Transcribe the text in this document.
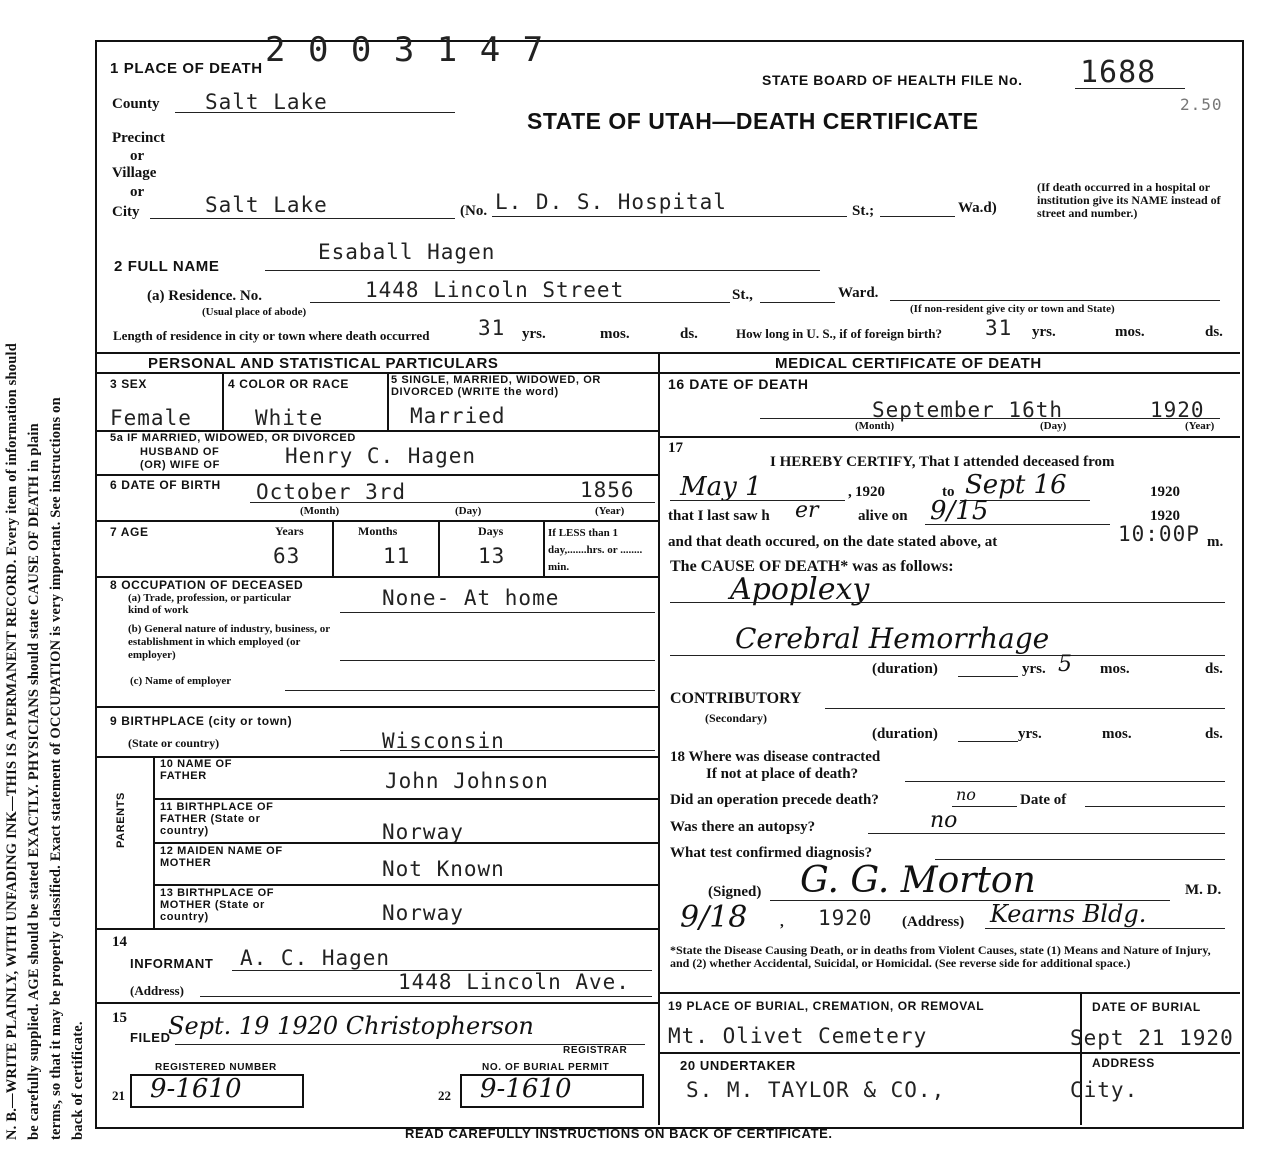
N. B.—WRITE PLAINLY, WITH UNFADING INK—THIS IS A PERMANENT RECORD. Every item of information should be carefully supplied. AGE should be stated EXACTLY. PHYSICIANS should state CAUSE OF DEATH in plain terms, so that it may be properly classified. Exact statement of OCCUPATION is very important. See instructions on back of certificate.
2 0 0 3 1 4 7
1 PLACE OF DEATH
STATE BOARD OF HEALTH FILE No. 1688
2.50
STATE OF UTAH—DEATH CERTIFICATE
County Salt Lake
Precinct
or
Village
or
City	Salt Lake	(No. L. D. S. Hospital	St.;	Wa.d)
(If death occurred in a hospital or institution give its NAME instead of street and number.)
2 FULL NAME
Esaball Hagen
(a) Residence. No.
(Usual place of abode)
1448 Lincoln Street	St.,	Ward.
(If non-resident give city or town and State)
Length of residence in city or town where death occurred 31 yrs.	mos.	ds.	How long in U. S., if of foreign birth? 31 yrs.	mos.	ds.
PERSONAL AND STATISTICAL PARTICULARS
3 SEX	4 COLOR OR RACE	5 SINGLE, MARRIED, WIDOWED, OR DIVORCED (WRITE the word)
Female	White	Married
5a IF MARRIED, WIDOWED, OR DIVORCED
HUSBAND OF
(OR) WIFE OF	Henry C. Hagen
6 DATE OF BIRTH October 3rd	1856
(Month)	(Day)	(Year)
7 AGE	Years	Months	Days	If LESS than 1 day,.......hrs. or ........ min.
63	11	13
8 OCCUPATION OF DECEASED
(a) Trade, profession, or particular kind of work	None- At home
(b) General nature of industry, business, or establishment in which employed (or employer)
(c) Name of employer
9 BIRTHPLACE (city or town)
(State or country)	Wisconsin
PARENTS
10 NAME OF FATHER	John Johnson
11 BIRTHPLACE OF FATHER (State or country)	Norway
12 MAIDEN NAME OF MOTHER	Not Known
13 BIRTHPLACE OF MOTHER (State or country)	Norway
14
INFORMANT A. C. Hagen
(Address)	1448 Lincoln Ave.
15
FILED
Sept. 19 1920 Christopherson
REGISTRAR
REGISTERED NUMBER
21 9-1610
NO. OF BURIAL PERMIT
22 9-1610
MEDICAL CERTIFICATE OF DEATH
16 DATE OF DEATH
September 16th	1920
(Month)	(Day)	(Year)
17
I HEREBY CERTIFY, That I attended deceased from
May 1	, 1920	to Sept 16	1920
that I last saw h er	alive on 9/15	1920
and that death occured, on the date stated above, at	10:00P m.
The CAUSE OF DEATH* was as follows:
Apoplexy
Cerebral Hemorrhage
(duration)	yrs. 5 mos.	ds.
CONTRIBUTORY
(Secondary)
(duration)	yrs.	mos.	ds.
18 Where was disease contracted
If not at place of death?
Did an operation precede death?	no	Date of
Was there an autopsy?	no
What test confirmed diagnosis?
(Signed) G. G. Morton	M. D.
9/18 , 1920 (Address) Kearns Bldg.
*State the Disease Causing Death, or in deaths from Violent Causes, state (1) Means and Nature of Injury, and (2) whether Accidental, Suicidal, or Homicidal. (See reverse side for additional space.)
19 PLACE OF BURIAL, CREMATION, OR REMOVAL
Mt. Olivet Cemetery
DATE OF BURIAL
Sept 21 1920
20 UNDERTAKER
S. M. TAYLOR & CO.,
ADDRESS
City.
READ CAREFULLY INSTRUCTIONS ON BACK OF CERTIFICATE.
